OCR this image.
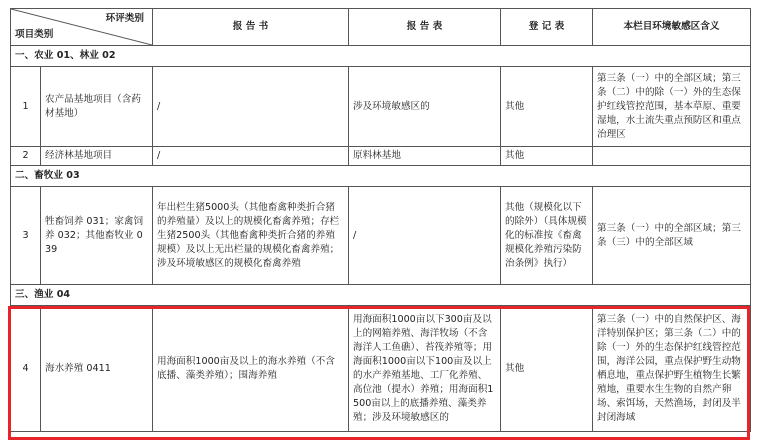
环评类别
项目类别		报 告 书	报 告 表	登 记 表	本栏目环境敏感区含义
一、农业 01、林业 02					
1	农产品基地项目（含药材基地）	/	涉及环境敏感区的	其他	第三条（一）中的全部区域；第三条（二）中的除（一）外的生态保护红线管控范围，基本草原、重要湿地，水土流失重点预防区和重点治理区
2	经济林基地项目	/	原料林基地	其他	
二、畜牧业 03					
3	牲畜饲养 031；家禽饲养 032；其他畜牧业 039	年出栏生猪5000头（其他畜禽种类折合猪的养殖量）及以上的规模化畜禽养殖；存栏生猪2500头（其他畜禽种类折合猪的养殖规模）及以上无出栏量的规模化畜禽养殖；涉及环境敏感区的规模化畜禽养殖	/	其他（规模化以下的除外）（具体规模化的标准按《畜禽规模化养殖污染防治条例》执行）	第三条（一）中的全部区域；第三条（三）中的全部区域
三、渔业 04					
4	海水养殖 0411	用海面积1000亩及以上的海水养殖（不含底播、藻类养殖）；围海养殖	用海面积1000亩以下300亩及以上的网箱养殖、海洋牧场（不含海洋人工鱼礁）、苔筏养殖等；用海面积1000亩以下100亩及以上的水产养殖基地、工厂化养殖、高位池（提水）养殖；用海面积1500亩以上的底播养殖、藻类养殖；涉及环境敏感区的	其他	第三条（一）中的自然保护区、海洋特别保护区；第三条（二）中的除（一）外的生态保护红线管控范围，海洋公园，重点保护野生动物栖息地，重点保护野生植物生长繁殖地，重要水生生物的自然产卵场、索饵场，天然渔场，封闭及半封闭海域
